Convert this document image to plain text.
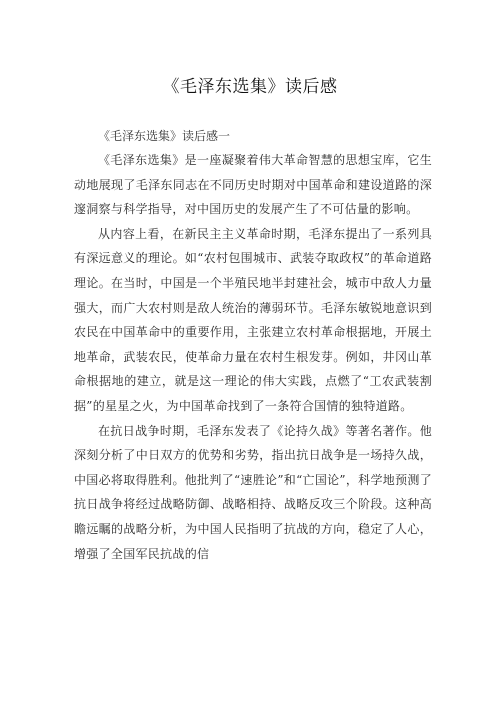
《毛泽东选集》读后感

《毛泽东选集》读后感一

《毛泽东选集》是一座凝聚着伟大革命智慧的思想宝库，它生动地展现了毛泽东同志在不同历史时期对中国革命和建设道路的深邃洞察与科学指导，对中国历史的发展产生了不可估量的影响。

从内容上看，在新民主主义革命时期，毛泽东提出了一系列具有深远意义的理论。如“农村包围城市、武装夺取政权”的革命道路理论。在当时，中国是一个半殖民地半封建社会，城市中敌人力量强大，而广大农村则是敌人统治的薄弱环节。毛泽东敏锐地意识到农民在中国革命中的重要作用，主张建立农村革命根据地，开展土地革命，武装农民，使革命力量在农村生根发芽。例如，井冈山革命根据地的建立，就是这一理论的伟大实践，点燃了“工农武装割据”的星星之火，为中国革命找到了一条符合国情的独特道路。

在抗日战争时期，毛泽东发表了《论持久战》等著名著作。他深刻分析了中日双方的优势和劣势，指出抗日战争是一场持久战，中国必将取得胜利。他批判了“速胜论”和“亡国论”，科学地预测了抗日战争将经过战略防御、战略相持、战略反攻三个阶段。这种高瞻远瞩的战略分析，为中国人民指明了抗战的方向，稳定了人心，增强了全国军民抗战的信
